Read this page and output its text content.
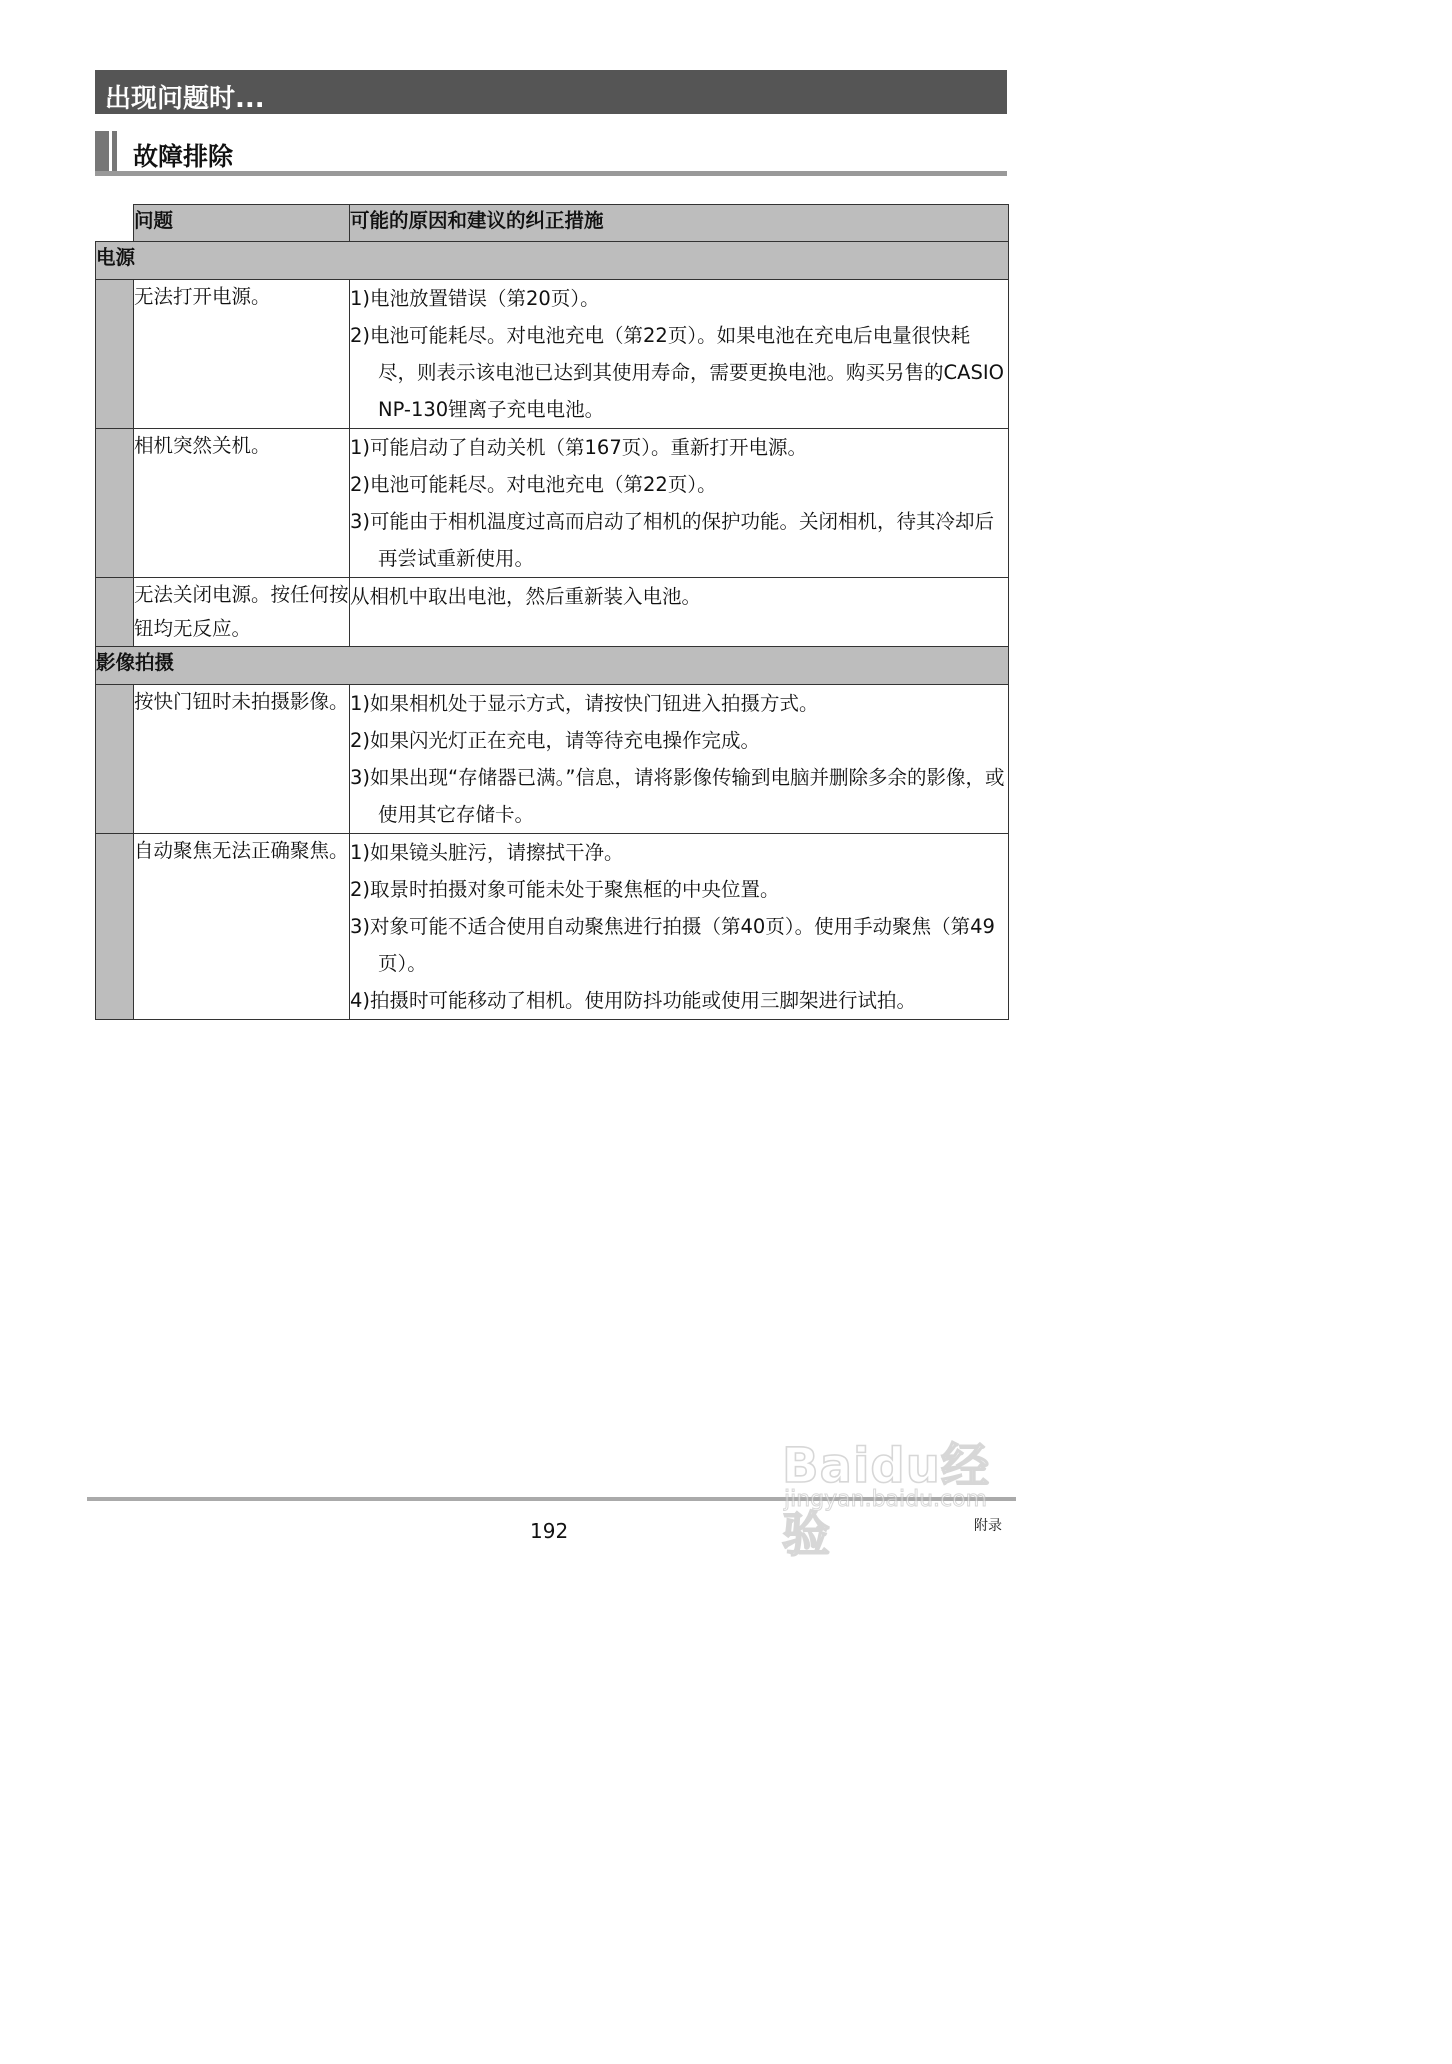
出现问题时...
故障排除
	问题	可能的原因和建议的纠正措施
电源		
	无法打开电源。	1)电池放置错误（第20页）。
2)电池可能耗尽。对电池充电（第22页）。如果电池在充电后电量很快耗尽，则表示该电池已达到其使用寿命，需要更换电池。购买另售的CASIO NP-130锂离子充电电池。

	相机突然关机。	1)可能启动了自动关机（第167页）。重新打开电源。
2)电池可能耗尽。对电池充电（第22页）。
3)可能由于相机温度过高而启动了相机的保护功能。关闭相机，待其冷却后再尝试重新使用。

	无法关闭电源。按任何按钮均无反应。	从相机中取出电池，然后重新装入电池。

影像拍摄		
	按快门钮时未拍摄影像。	1)如果相机处于显示方式，请按快门钮进入拍摄方式。
2)如果闪光灯正在充电，请等待充电操作完成。
3)如果出现“存储器已满。”信息，请将影像传输到电脑并删除多余的影像，或使用其它存储卡。

	自动聚焦无法正确聚焦。	1)如果镜头脏污，请擦拭干净。
2)取景时拍摄对象可能未处于聚焦框的中央位置。
3)对象可能不适合使用自动聚焦进行拍摄（第40页）。使用手动聚焦（第49页）。
4)拍摄时可能移动了相机。使用防抖功能或使用三脚架进行试拍。
192	附录
Baidu经验
jingyan.baidu.com
